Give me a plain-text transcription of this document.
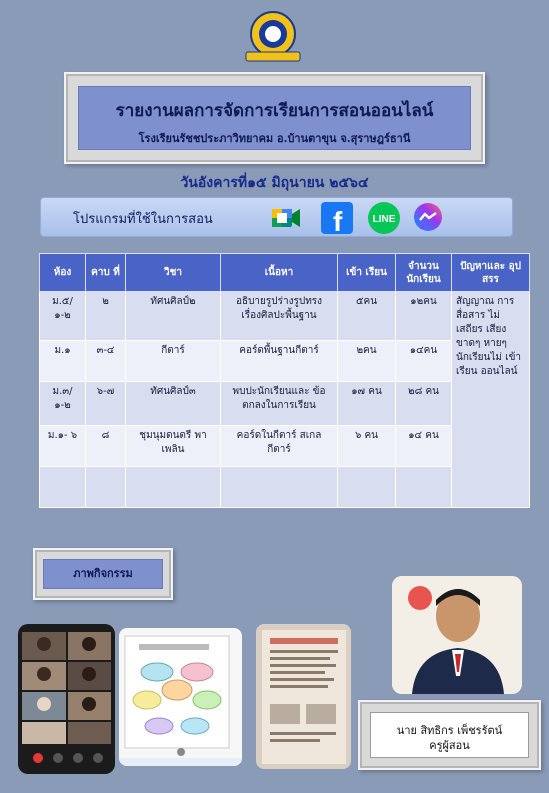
รายงานผลการจัดการเรียนการสอนออนไลน์
โรงเรียนรัชชประภาวิทยาคม อ.บ้านตาขุน จ.สุราษฎร์ธานี
วันอังคารที่๑๕ มิถุนายน ๒๕๖๔
โปรแกรมที่ใช้ในการสอน	f	LINE
ห้อง	คาบ ที่	วิชา	เนื้อหา	เข้า เรียน	จำนวน นักเรียน	ปัญหาและ อุปสรร
ม.๕/ ๑-๒	๒	ทัศนศิลป์๒	อธิบายรูปร่างรูปทรง เรื่องศิลปะพื้นฐาน	๕คน	๑๒คน	สัญญาณ การสื่อสาร ไม่เสถียร เสียงขาดๆ หายๆ นักเรียนไม่ เข้าเรียน ออนไลน์
ม.๑	๓-๔	กีตาร์	คอร์ดพื้นฐานกีตาร์	๒คน	๑๔คน	
ม.๓/ ๑-๒	๖-๗	ทัศนศิลป์๓	พบปะนักเรียนและ ข้อตกลงในการเรียน	๑๗ คน	๒๘ คน	
ม.๑- ๖	๘	ชุมนุมดนตรี พาเพลิน	คอร์ดในกีตาร์ สเกลกีตาร์	๖ คน	๑๔ คน	

ภาพกิจกรรม
นาย สิทธิกร เพ็ชรรัตน์
ครูผู้สอน
